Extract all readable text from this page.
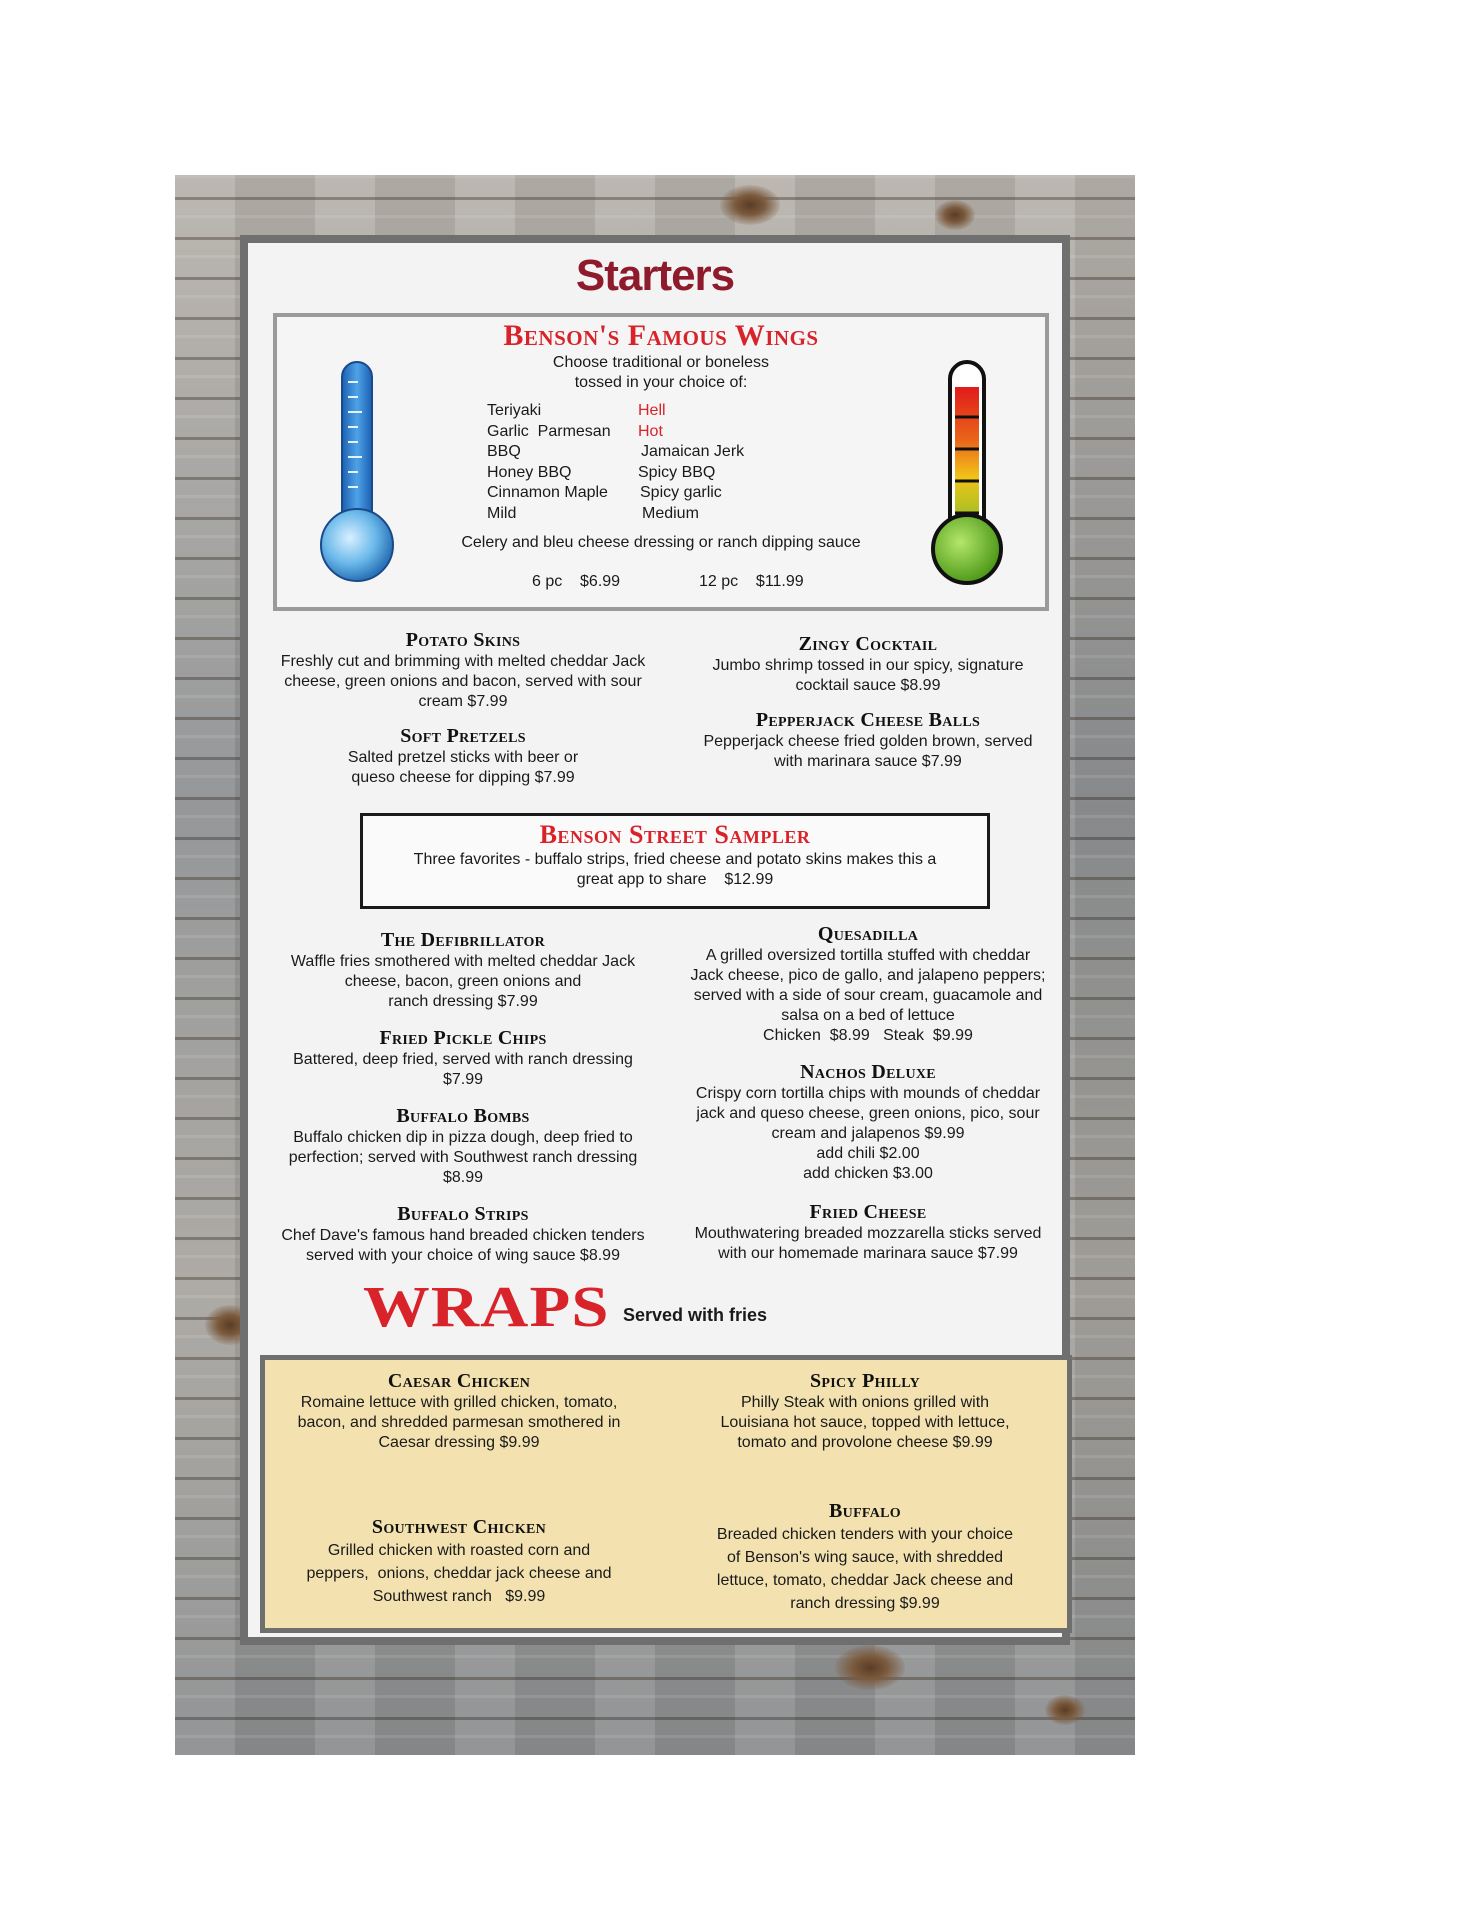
Starters
Benson's Famous Wings
Choose traditional or boneless
tossed in your choice of:
Teriyaki
Garlic  Parmesan
BBQ
Honey BBQ
Cinnamon Maple
Mild
Hell
Hot
Jamaican Jerk
Spicy BBQ
Spicy garlic
Medium
Celery and bleu cheese dressing or ranch dipping sauce
6 pc    $6.99	12 pc    $11.99
Potato Skins
Freshly cut and brimming with melted cheddar Jack
cheese, green onions and bacon, served with sour
cream $7.99
Zingy Cocktail
Jumbo shrimp tossed in our spicy, signature
cocktail sauce $8.99
Soft Pretzels
Salted pretzel sticks with beer or
queso cheese for dipping $7.99
Pepperjack Cheese Balls
Pepperjack cheese fried golden brown, served
with marinara sauce $7.99
Benson Street Sampler
Three favorites - buffalo strips, fried cheese and potato skins makes this a
great app to share    $12.99
The Defibrillator
Waffle fries smothered with melted cheddar Jack
cheese, bacon, green onions and
ranch dressing $7.99
Quesadilla
A grilled oversized tortilla stuffed with cheddar
Jack cheese, pico de gallo, and jalapeno peppers;
served with a side of sour cream, guacamole and
salsa on a bed of lettuce
Chicken  $8.99   Steak  $9.99
Fried Pickle Chips
Battered, deep fried, served with ranch dressing
$7.99	Nachos Deluxe
Crispy corn tortilla chips with mounds of cheddar
jack and queso cheese, green onions, pico, sour
cream and jalapenos $9.99
add chili $2.00
add chicken $3.00
Buffalo Bombs
Buffalo chicken dip in pizza dough, deep fried to
perfection; served with Southwest ranch dressing
$8.99
Buffalo Strips
Chef Dave's famous hand breaded chicken tenders
served with your choice of wing sauce $8.99
Fried Cheese
Mouthwatering breaded mozzarella sticks served
with our homemade marinara sauce $7.99
WRAPS Served with fries
Caesar Chicken
Romaine lettuce with grilled chicken, tomato,
bacon, and shredded parmesan smothered in
Caesar dressing $9.99
Spicy Philly
Philly Steak with onions grilled with
Louisiana hot sauce, topped with lettuce,
tomato and provolone cheese $9.99
Southwest Chicken
Grilled chicken with roasted corn and
peppers,  onions, cheddar jack cheese and
Southwest ranch   $9.99
Buffalo
Breaded chicken tenders with your choice
of Benson's wing sauce, with shredded
lettuce, tomato, cheddar Jack cheese and
ranch dressing $9.99
